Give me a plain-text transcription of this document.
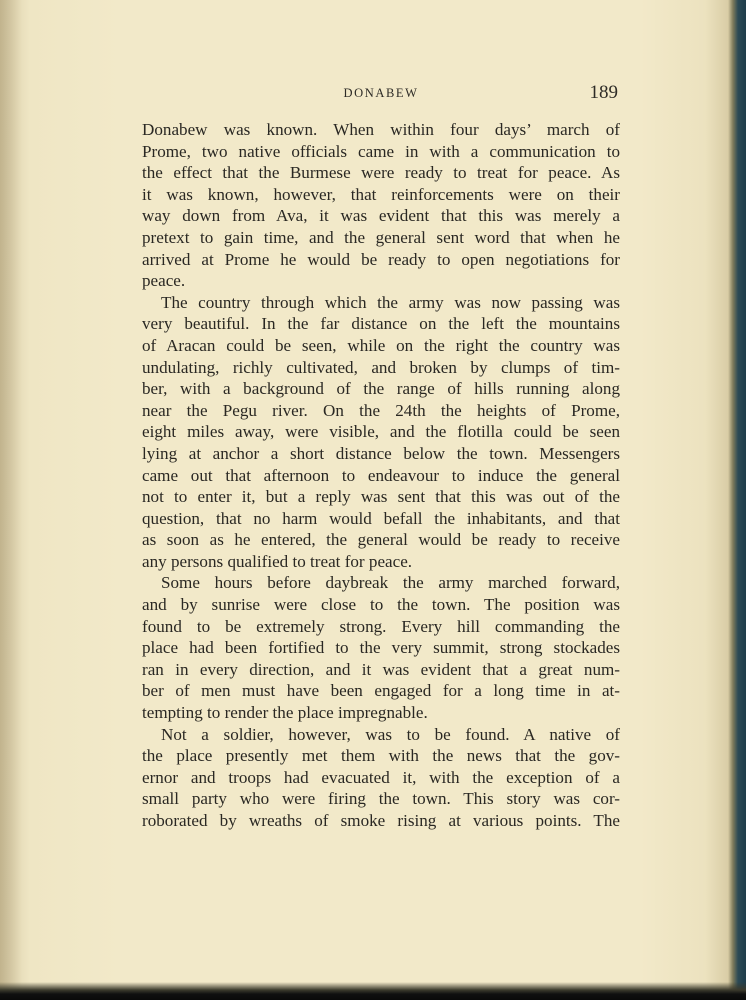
DONABEW	189

Donabew was known. When within four days’ march of
Prome, two native officials came in with a communication to
the effect that the Burmese were ready to treat for peace. As
it was known, however, that reinforcements were on their
way down from Ava, it was evident that this was merely a
pretext to gain time, and the general sent word that when he
arrived at Prome he would be ready to open negotiations for
peace.

The country through which the army was now passing was
very beautiful. In the far distance on the left the mountains
of Aracan could be seen, while on the right the country was
undulating, richly cultivated, and broken by clumps of tim-
ber, with a background of the range of hills running along
near the Pegu river. On the 24th the heights of Prome,
eight miles away, were visible, and the flotilla could be seen
lying at anchor a short distance below the town. Messengers
came out that afternoon to endeavour to induce the general
not to enter it, but a reply was sent that this was out of the
question, that no harm would befall the inhabitants, and that
as soon as he entered, the general would be ready to receive
any persons qualified to treat for peace.

Some hours before daybreak the army marched forward,
and by sunrise were close to the town. The position was
found to be extremely strong. Every hill commanding the
place had been fortified to the very summit, strong stockades
ran in every direction, and it was evident that a great num-
ber of men must have been engaged for a long time in at-
tempting to render the place impregnable.

Not a soldier, however, was to be found. A native of
the place presently met them with the news that the gov-
ernor and troops had evacuated it, with the exception of a
small party who were firing the town. This story was cor-
roborated by wreaths of smoke rising at various points. The
